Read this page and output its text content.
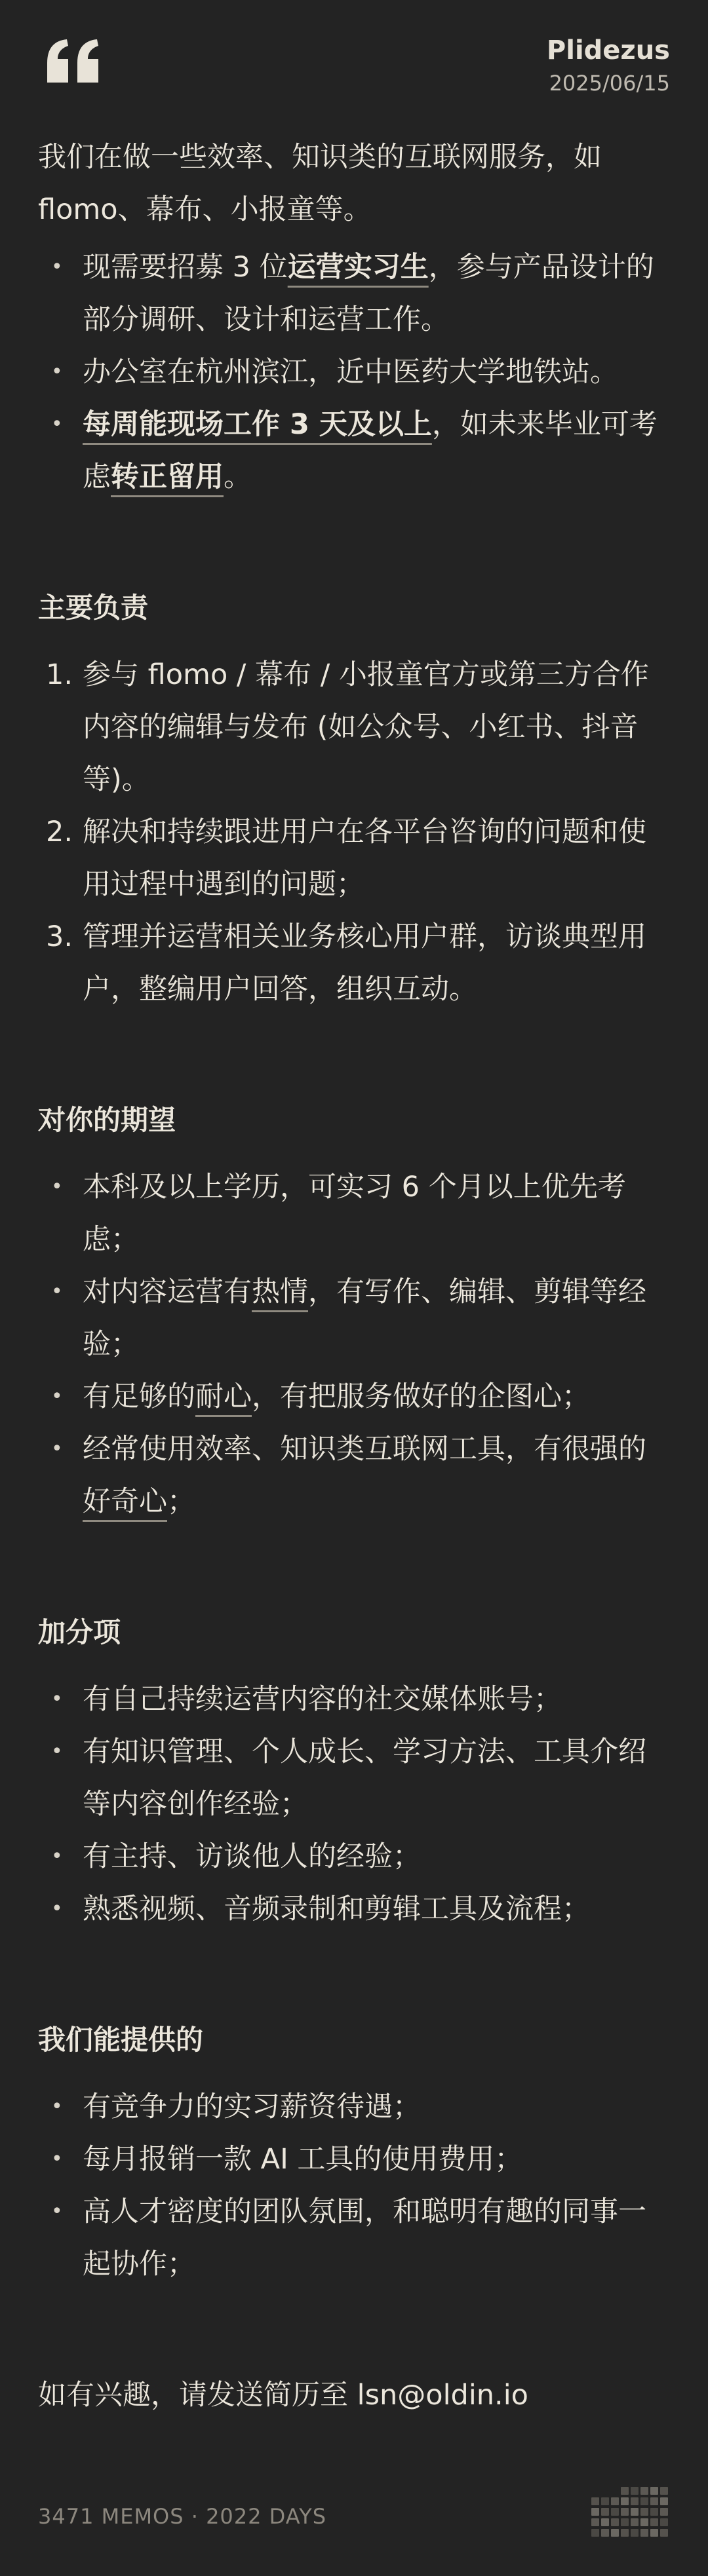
Plidezus
2025/06/15

我们在做一些效率、知识类的互联网服务，如

flomo、幕布、小报童等。

• 现需要招募 3 位运营实习生，参与产品设计的部分调研、设计和运营工作。
• 办公室在杭州滨江，近中医药大学地铁站。
• 每周能现场工作 3 天及以上，如未来毕业可考虑转正留用。
主要负责
1. 参与 flomo / 幕布 / 小报童官方或第三方合作内容的编辑与发布 (如公众号、小红书、抖音等)。
2. 解决和持续跟进用户在各平台咨询的问题和使用过程中遇到的问题；
3. 管理并运营相关业务核心用户群，访谈典型用户，整编用户回答，组织互动。
对你的期望
• 本科及以上学历，可实习 6 个月以上优先考虑；
• 对内容运营有热情，有写作、编辑、剪辑等经验；
• 有足够的耐心，有把服务做好的企图心；
• 经常使用效率、知识类互联网工具，有很强的好奇心；
加分项
• 有自己持续运营内容的社交媒体账号；
• 有知识管理、个人成长、学习方法、工具介绍等内容创作经验；
• 有主持、访谈他人的经验；
• 熟悉视频、音频录制和剪辑工具及流程；
我们能提供的
• 有竞争力的实习薪资待遇；
• 每月报销一款 AI 工具的使用费用；
• 高人才密度的团队氛围，和聪明有趣的同事一起协作；

如有兴趣，请发送简历至 lsn@oldin.io

3471 MEMOS · 2022 DAYS
